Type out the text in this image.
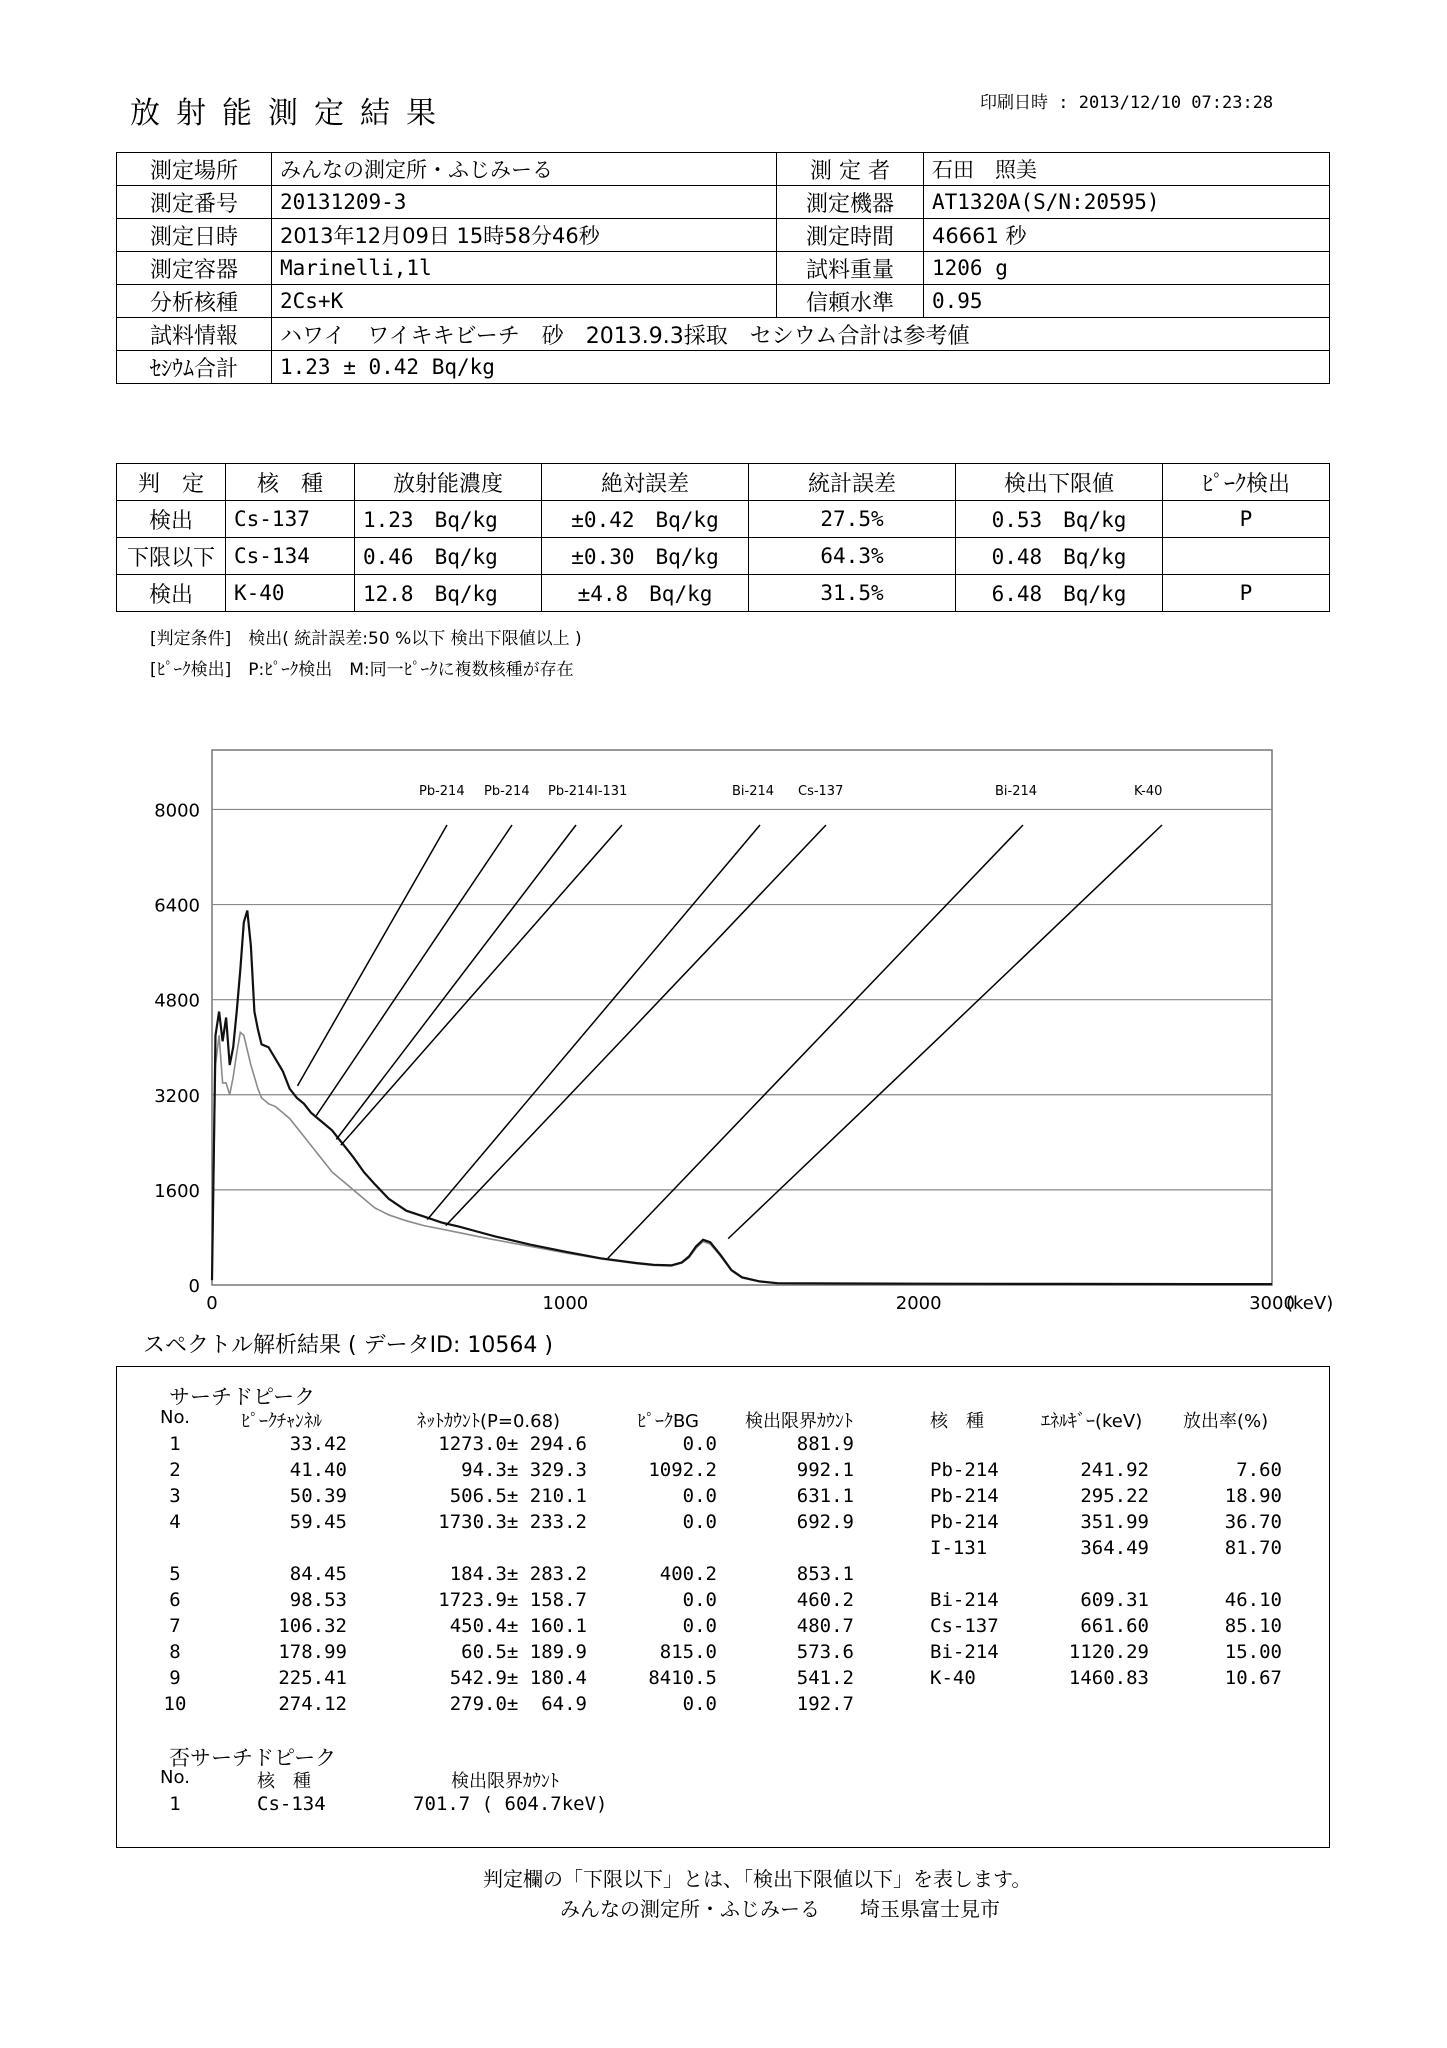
放射能測定結果	印刷日時 : 2013/12/10 07:23:28
測定場所	みんなの測定所・ふじみーる	測 定 者	石田　照美
測定番号	20131209-3	測定機器	AT1320A(S/N:20595)
測定日時	2013年12月09日 15時58分46秒	測定時間	46661 秒
測定容器	Marinelli,1l	試料重量	1206 g
分析核種	2Cs+K	信頼水準	0.95
試料情報	ハワイ　ワイキキビーチ　砂　2013.9.3採取　セシウム合計は参考値		
ｾｼｳﾑ合計	1.23 ± 0.42 Bq/kg		
判　定	核　種	放射能濃度	絶対誤差	統計誤差	検出下限値	ﾋﾟｰｸ検出
検出	Cs-137	1.23　Bq/kg	±0.42　Bq/kg	27.5%	0.53　Bq/kg	P
下限以下	Cs-134	0.46　Bq/kg	±0.30　Bq/kg	64.3%	0.48　Bq/kg	
検出	K-40	12.8　Bq/kg	±4.8　Bq/kg	31.5%	6.48　Bq/kg	P
[判定条件]　検出( 統計誤差:50 %以下 検出下限値以上 )
[ﾋﾟｰｸ検出]　P:ﾋﾟｰｸ検出　M:同一ﾋﾟｰｸに複数核種が存在
0
1600
3200
4800
6400
8000
0	1000	2000	3000
(keV)
Pb-214 Pb-214 Pb-214 I-131	Bi-214 Cs-137	Bi-214	K-40
スペクトル解析結果 ( データID: 10564 )
サーチドピーク
No.	ﾋﾟｰｸﾁｬﾝﾈﾙ	ﾈｯﾄｶｳﾝﾄ(P=0.68)	ﾋﾟｰｸBG	検出限界ｶｳﾝﾄ	核　種	ｴﾈﾙｷﾞｰ(keV) 放出率(%)
1	33.42	1273.0± 294.6	0.0	881.9
2	41.40	94.3± 329.3	1092.2	992.1	Pb-214	241.92	7.60
3	50.39	506.5± 210.1	0.0	631.1	Pb-214	295.22	18.90
4	59.45	1730.3± 233.2	0.0	692.9	Pb-214	351.99	36.70
I-131	364.49	81.70
5	84.45	184.3± 283.2	400.2	853.1
6	98.53	1723.9± 158.7	0.0	460.2	Bi-214	609.31	46.10
7	106.32	450.4± 160.1	0.0	480.7	Cs-137	661.60	85.10
8	178.99	60.5± 189.9	815.0	573.6	Bi-214	1120.29	15.00
9	225.41	542.9± 180.4	8410.5	541.2	K-40	1460.83	10.67
10	274.12	279.0±  64.9	0.0	192.7
否サーチドピーク
No.	核　種	検出限界ｶｳﾝﾄ
1	Cs-134	701.7 ( 604.7keV)
判定欄の「下限以下」とは、「検出下限値以下」を表します。
みんなの測定所・ふじみーる　　埼玉県富士見市
